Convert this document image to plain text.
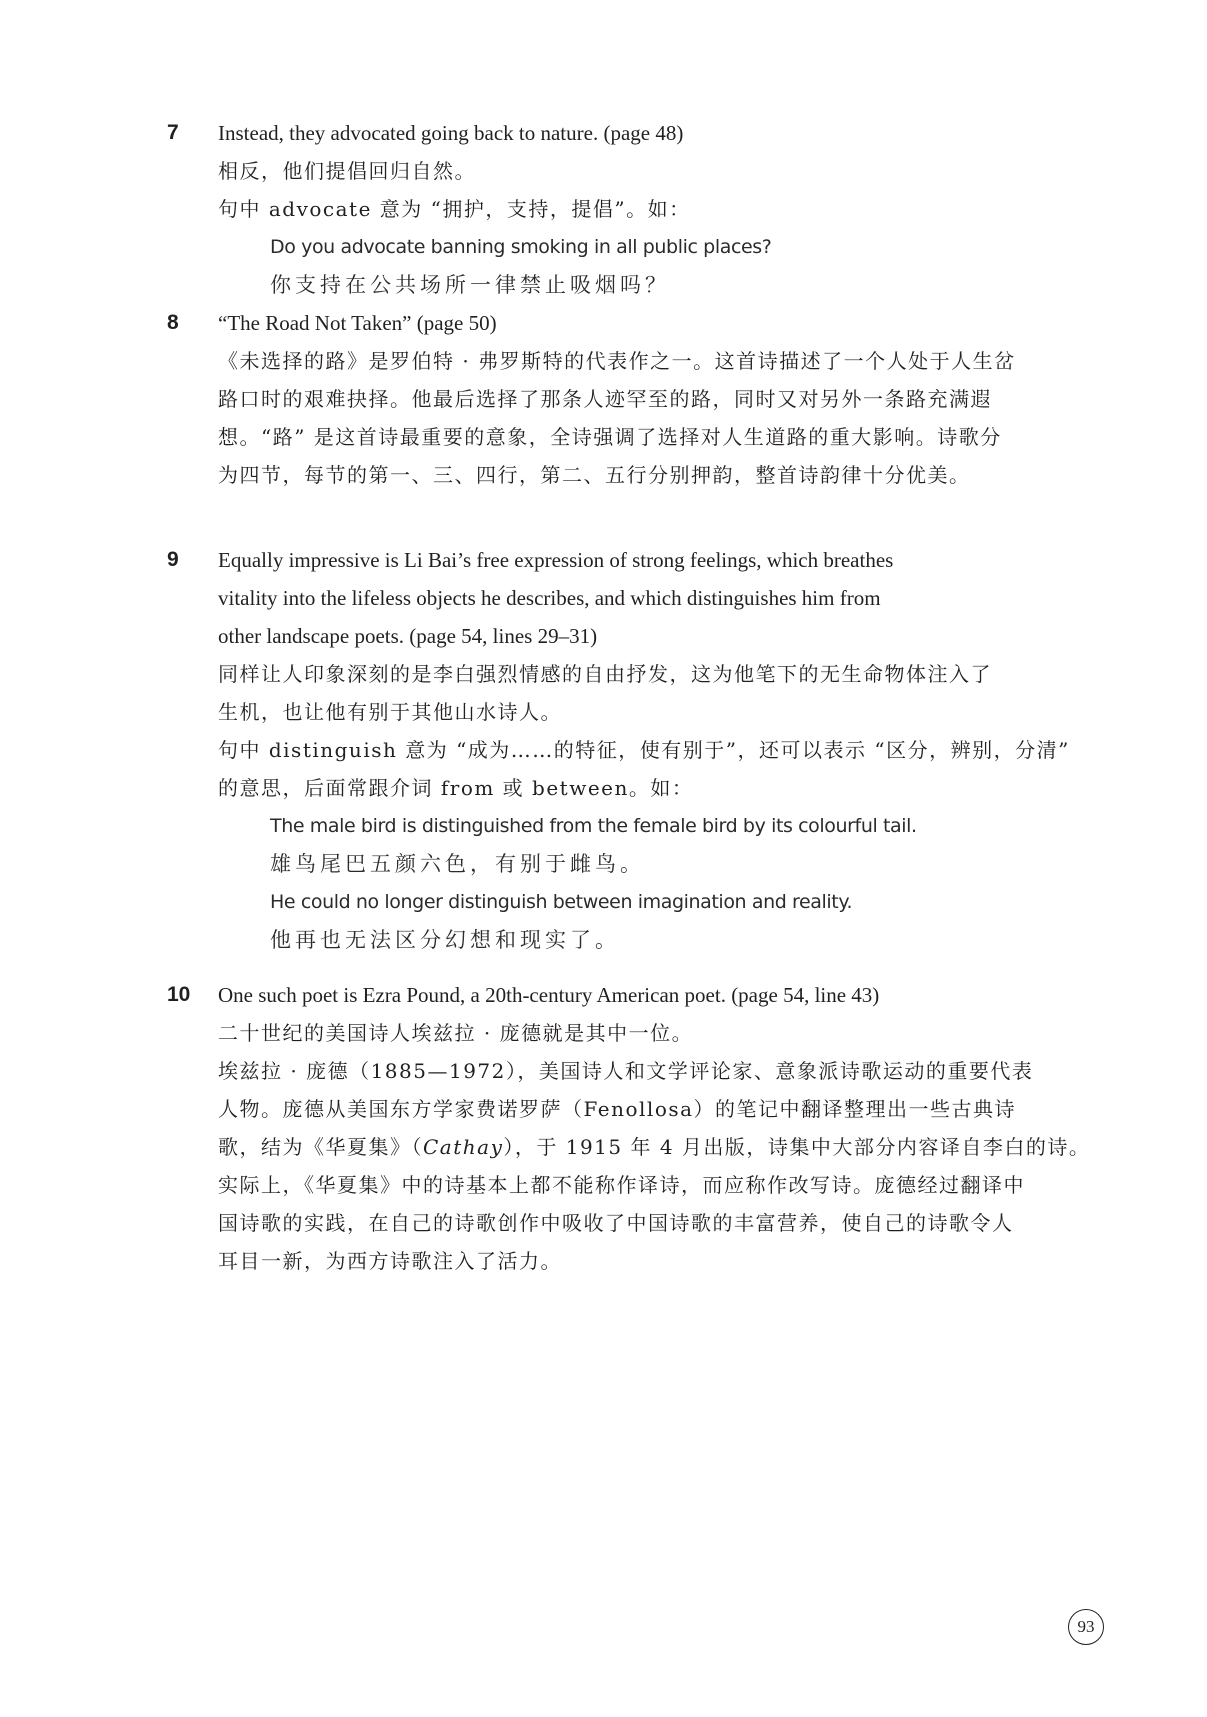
7 Instead, they advocated going back to nature. (page 48)
相反，他们提倡回归自然。
句中 advocate 意为 “拥护，支持，提倡”。如：
Do you advocate banning smoking in all public places?
你支持在公共场所一律禁止吸烟吗？
8 “The Road Not Taken” (page 50)
《未选择的路》是罗伯特 · 弗罗斯特的代表作之一。这首诗描述了一个人处于人生岔
路口时的艰难抉择。他最后选择了那条人迹罕至的路，同时又对另外一条路充满遐
想。“路” 是这首诗最重要的意象，全诗强调了选择对人生道路的重大影响。诗歌分
为四节，每节的第一、三、四行，第二、五行分别押韵，整首诗韵律十分优美。
9 Equally impressive is Li Bai’s free expression of strong feelings, which breathes
vitality into the lifeless objects he describes, and which distinguishes him from
other landscape poets. (page 54, lines 29–31)
同样让人印象深刻的是李白强烈情感的自由抒发，这为他笔下的无生命物体注入了
生机，也让他有别于其他山水诗人。
句中 distinguish 意为 “成为……的特征，使有别于”，还可以表示 “区分，辨别，分清”
的意思，后面常跟介词 from 或 between。如：
The male bird is distinguished from the female bird by its colourful tail.
雄鸟尾巴五颜六色，有别于雌鸟。
He could no longer distinguish between imagination and reality.
他再也无法区分幻想和现实了。
10 One such poet is Ezra Pound, a 20th-century American poet. (page 54, line 43)
二十世纪的美国诗人埃兹拉 · 庞德就是其中一位。
埃兹拉 · 庞德（1885—1972），美国诗人和文学评论家、意象派诗歌运动的重要代表
人物。庞德从美国东方学家费诺罗萨（Fenollosa）的笔记中翻译整理出一些古典诗
歌，结为《华夏集》（Cathay），于 1915 年 4 月出版，诗集中大部分内容译自李白的诗。
实际上，《华夏集》中的诗基本上都不能称作译诗，而应称作改写诗。庞德经过翻译中
国诗歌的实践，在自己的诗歌创作中吸收了中国诗歌的丰富营养，使自己的诗歌令人
耳目一新，为西方诗歌注入了活力。
93
